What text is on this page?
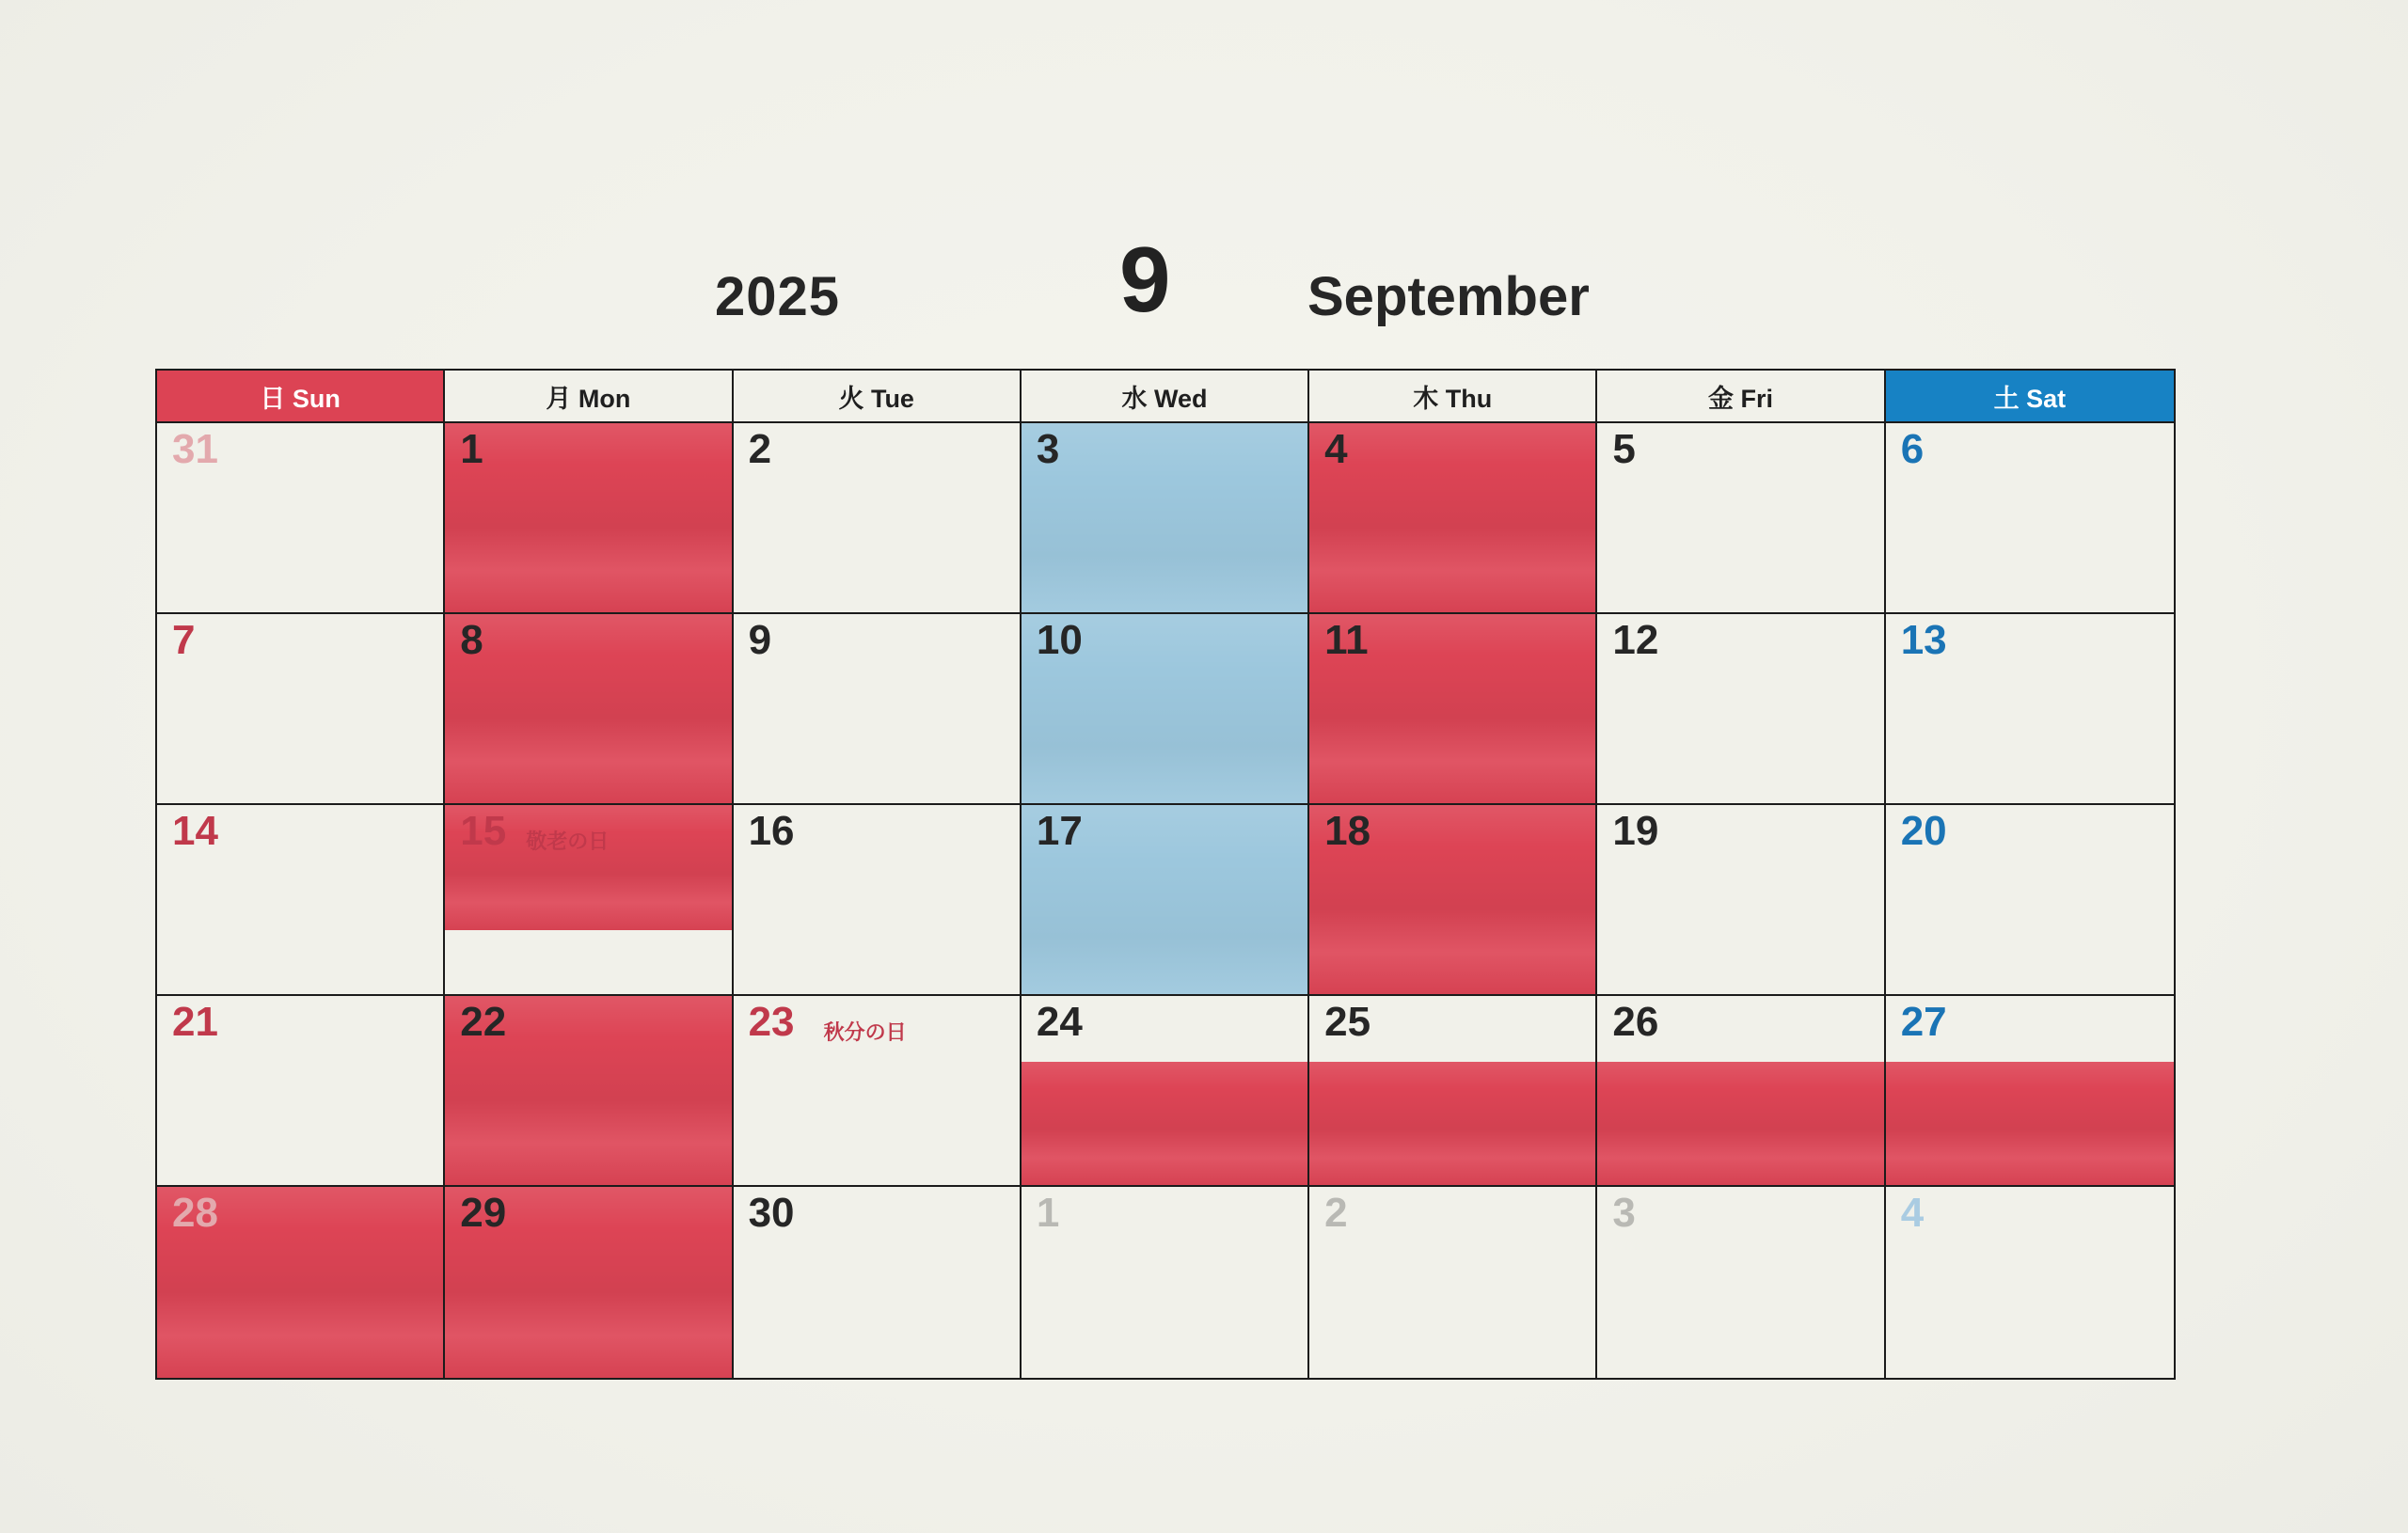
2025	9	September
日 Sun	月 Mon	火 Tue	水 Wed	木 Thu	金 Fri	土 Sat
31	1	2	3	4	5	6
7	8	9	10	11	12	13
14	15 敬老の日	16	17	18	19	20
21	22	23 秋分の日	24	25	26	27
28	29	30	1	2	3	4
